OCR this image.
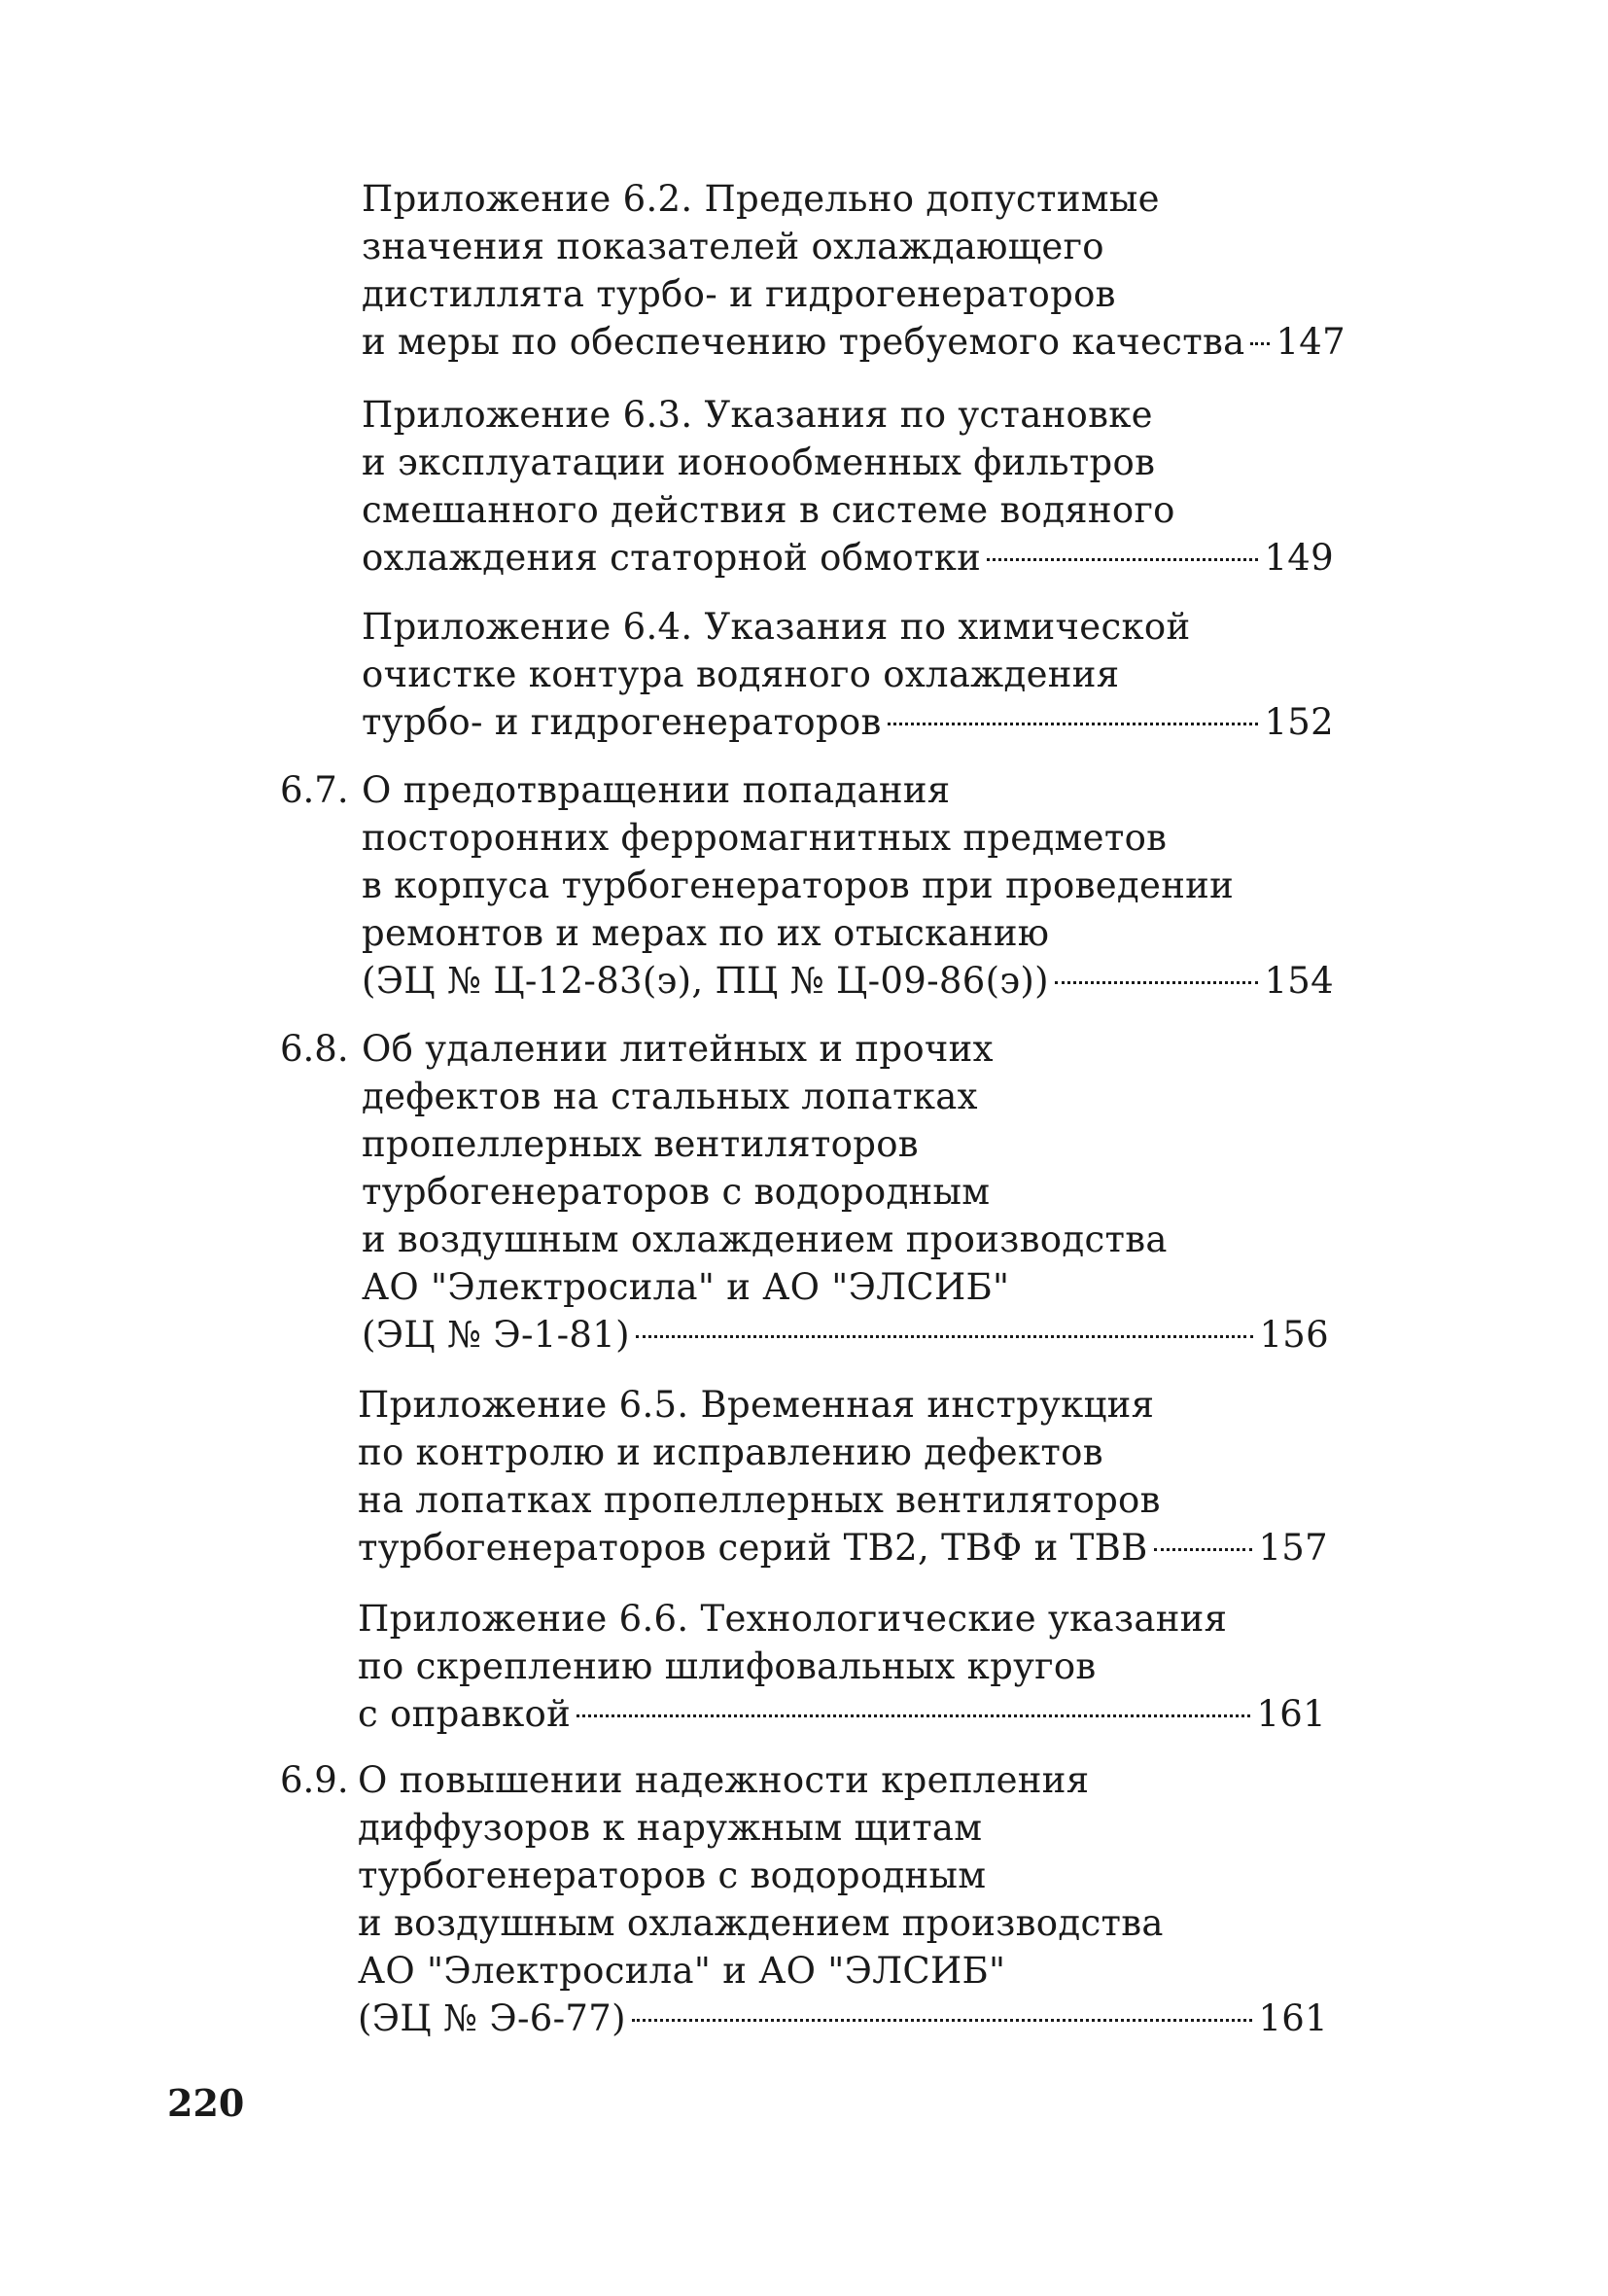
Приложение 6.2. Предельно допустимые
значения показателей охлаждающего
дистиллята турбо- и гидрогенераторов
и меры по обеспечению требуемого качества 147
Приложение 6.3. Указания по установке
и эксплуатации ионообменных фильтров
смешанного действия в системе водяного
охлаждения статорной обмотки	149
Приложение 6.4. Указания по химической
очистке контура водяного охлаждения
турбо- и гидрогенераторов	152
6.7. О предотвращении попадания
посторонних ферромагнитных предметов
в корпуса турбогенераторов при проведении
ремонтов и мерах по их отысканию
(ЭЦ № Ц-12-83(э), ПЦ № Ц-09-86(э))	154
6.8. Об удалении литейных и прочих
дефектов на стальных лопатках
пропеллерных вентиляторов
турбогенераторов с водородным
и воздушным охлаждением производства
АО "Электросила" и АО "ЭЛСИБ"
(ЭЦ № Э-1-81)	156
Приложение 6.5. Временная инструкция
по контролю и исправлению дефектов
на лопатках пропеллерных вентиляторов
турбогенераторов серий ТВ2, ТВФ и ТВВ	157
Приложение 6.6. Технологические указания
по скреплению шлифовальных кругов
с оправкой	161
6.9. О повышении надежности крепления
диффузоров к наружным щитам
турбогенераторов с водородным
и воздушным охлаждением производства
АО "Электросила" и АО "ЭЛСИБ"
(ЭЦ № Э-6-77)	161
220
